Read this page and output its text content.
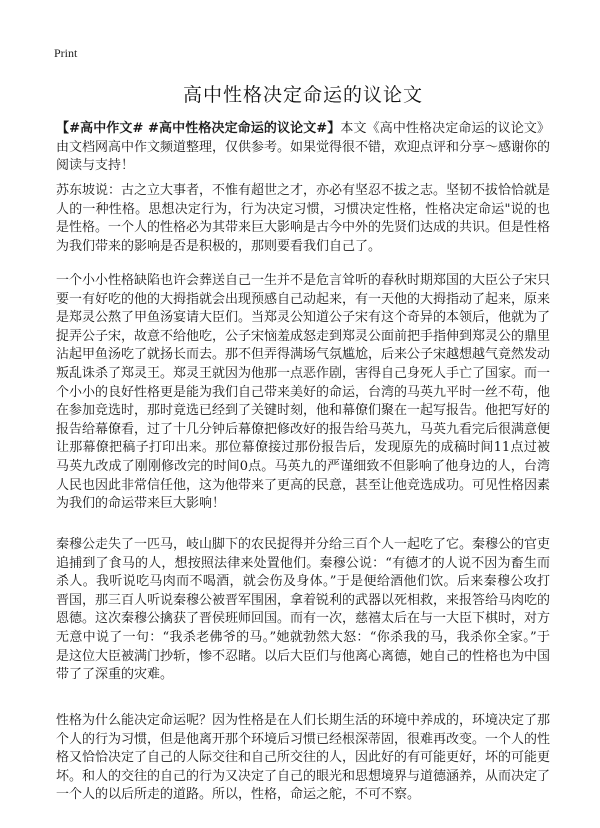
Print
高中性格决定命运的议论文

【#高中作文# #高中性格决定命运的议论文#】本文《高中性格决定命运的议论文》由文档网高中作文频道整理，仅供参考。如果觉得很不错，欢迎点评和分享～感谢你的阅读与支持！

苏东坡说：古之立大事者，不惟有超世之才，亦必有坚忍不拔之志。坚韧不拔恰恰就是人的一种性格。思想决定行为，行为决定习惯，习惯决定性格，性格决定命运"说的也是性格。一个人的性格必为其带来巨大影响是古今中外的先贤们达成的共识。但是性格为我们带来的影响是否是积极的，那则要看我们自己了。

一个小小性格缺陷也许会葬送自己一生并不是危言耸听的春秋时期郑国的大臣公子宋只要一有好吃的他的大拇指就会出现预感自己动起来，有一天他的大拇指动了起来，原来是郑灵公熬了甲鱼汤宴请大臣们。当郑灵公知道公子宋有这个奇异的本领后，他就为了捉弄公子宋，故意不给他吃，公子宋恼羞成怒走到郑灵公面前把手指伸到郑灵公的鼎里沾起甲鱼汤吃了就扬长而去。那不但弄得满场气氛尴尬，后来公子宋越想越气竟然发动叛乱诛杀了郑灵王。郑灵王就因为他那一点恶作剧，害得自己身死人手亡了国家。而一个小小的良好性格更是能为我们自己带来美好的命运，台湾的马英九平时一丝不苟，他在参加竞选时，那时竟选已经到了关键时刻，他和幕僚们聚在一起写报告。他把写好的报告给幕僚看，过了十几分钟后幕僚把修改好的报告给马英九，马英九看完后很满意便让那幕僚把稿子打印出来。那位幕僚接过那份报告后，发现原先的成稿时间11点过被马英九改成了刚刚修改完的时间0点。马英九的严谨细致不但影响了他身边的人，台湾人民也因此非常信任他，这为他带来了更高的民意，甚至让他竞选成功。可见性格因素为我们的命运带来巨大影响！

秦穆公走失了一匹马，岐山脚下的农民捉得并分给三百个人一起吃了它。秦穆公的官吏追捕到了食马的人，想按照法律来处置他们。秦穆公说：“有德才的人说不因为畜生而杀人。我听说吃马肉而不喝酒，就会伤及身体。”于是便给酒他们饮。后来秦穆公攻打晋国，那三百人听说秦穆公被晋军围困，拿着锐利的武器以死相救，来报答给马肉吃的恩德。这次秦穆公擒获了晋侯班师回国。而有一次，慈禧太后在与一大臣下棋时，对方无意中说了一句：“我杀老佛爷的马。”她就勃然大怒：“你杀我的马，我杀你全家。”于是这位大臣被满门抄斩，惨不忍睹。以后大臣们与他离心离德，她自己的性格也为中国带了了深重的灾难。

性格为什么能决定命运呢？因为性格是在人们长期生活的环境中养成的，环境决定了那个人的行为习惯，但是他离开那个环境后习惯已经根深蒂固，很难再改变。一个人的性格又恰恰决定了自己的人际交往和自己所交往的人，因此好的有可能更好，坏的可能更坏。和人的交往的自己的行为又决定了自己的眼光和思想境界与道德涵养，从而决定了一个人的以后所走的道路。所以，性格，命运之舵，不可不察。
